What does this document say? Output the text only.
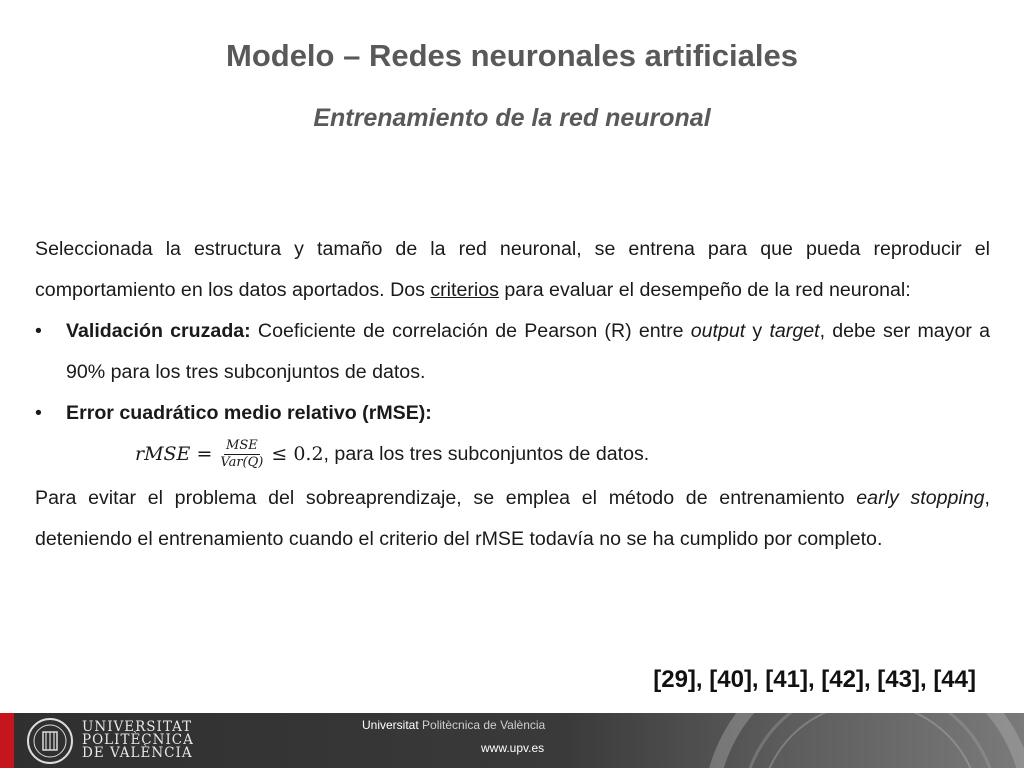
Modelo – Redes neuronales artificiales
Entrenamiento de la red neuronal

Seleccionada la estructura y tamaño de la red neuronal, se entrena para que pueda reproducir el comportamiento en los datos aportados. Dos criterios para evaluar el desempeño de la red neuronal:

• Validación cruzada: Coeficiente de correlación de Pearson (R) entre output y target, debe ser mayor a 90% para los tres subconjuntos de datos.
• Error cuadrático medio relativo (rMSE):
rMSE = $\frac{\text{MSE}}{\text{Var(Q)}} \le 0.2$ , para los tres subconjuntos de datos.

Para evitar el problema del sobreaprendizaje, se emplea el método de entrenamiento early stopping, deteniendo el entrenamiento cuando el criterio del rMSE todavía no se ha cumplido por completo.

[29], [40], [41], [42], [43], [44]
UNIVERSITAT
POLITÈCNICA
DE VALÈNCIA
Universitat Politècnica de València
www.upv.es
